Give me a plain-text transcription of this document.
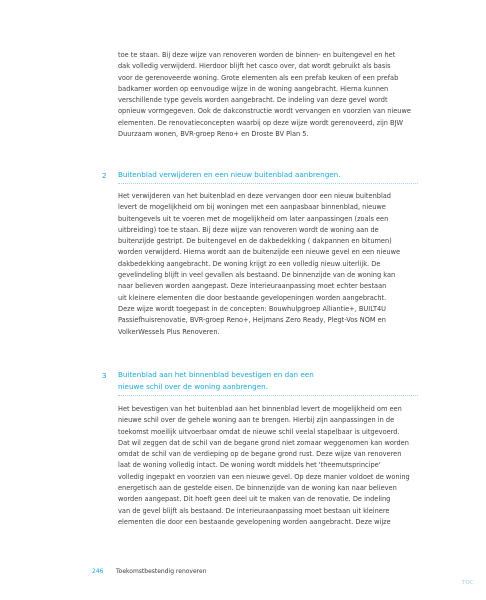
toe te staan. Bij deze wijze van renoveren worden de binnen- en buitengevel en het

dak volledig verwijderd. Hierdoor blijft het casco over, dat wordt gebruikt als basis

voor de gerenoveerde woning. Grote elementen als een prefab keuken of een prefab

badkamer worden op eenvoudige wijze in de woning aangebracht. Hierna kunnen

verschillende type gevels worden aangebracht. De indeling van deze gevel wordt

opnieuw vormgegeven. Ook de dakconstructie wordt vervangen en voorzien van nieuwe

elementen. De renovatieconcepten waarbij op deze wijze wordt gerenoveerd, zijn BJW

Duurzaam wonen, BVR-groep Reno+ en Droste BV Plan 5.

2 Buitenblad verwijderen en een nieuw buitenblad aanbrengen.

Het verwijderen van het buitenblad en deze vervangen door een nieuw buitenblad

levert de mogelijkheid om bij woningen met een aanpasbaar binnenblad, nieuwe

buitengevels uit te voeren met de mogelijkheid om later aanpassingen (zoals een

uitbreiding) toe te staan. Bij deze wijze van renoveren wordt de woning aan de

buitenzijde gestript. De buitengevel en de dakbedekking ( dakpannen en bitumen)

worden verwijderd. Hierna wordt aan de buitenzijde een nieuwe gevel en een nieuwe

dakbedekking aangebracht. De woning krijgt zo een volledig nieuw uiterlijk. De

gevelindeling blijft in veel gevallen als bestaand. De binnenzijde van de woning kan

naar believen worden aangepast. Deze interieuraanpassing moet echter bestaan

uit kleinere elementen die door bestaande gevelopeningen worden aangebracht.

Deze wijze wordt toegepast in de concepten: Bouwhulpgroep Alliantie+, BUILT4U

Passiefhuisrenovatie, BVR-groep Reno+, Heijmans Zero Ready, Plegt-Vos NOM en

VolkerWessels Plus Renoveren.

3 Buitenblad aan het binnenblad bevestigen en dan een
nieuwe schil over de woning aanbrengen.

Het bevestigen van het buitenblad aan het binnenblad levert de mogelijkheid om een

nieuwe schil over de gehele woning aan te brengen. Hierbij zijn aanpassingen in de

toekomst moeilijk uitvoerbaar omdat de nieuwe schil veelal stapelbaar is uitgevoerd.

Dat wil zeggen dat de schil van de begane grond niet zomaar weggenomen kan worden

omdat de schil van de verdieping op de begane grond rust. Deze wijze van renoveren

laat de woning volledig intact. De woning wordt middels het 'theemutsprincipe'

volledig ingepakt en voorzien van een nieuwe gevel. Op deze manier voldoet de woning

energetisch aan de gestelde eisen. De binnenzijde van de woning kan naar believen

worden aangepast. Dit hoeft geen deel uit te maken van de renovatie. De indeling

van de gevel blijft als bestaand. De interieuraanpassing moet bestaan uit kleinere

elementen die door een bestaande gevelopening worden aangebracht. Deze wijze

246 Toekomstbestendig renoveren
TOC
